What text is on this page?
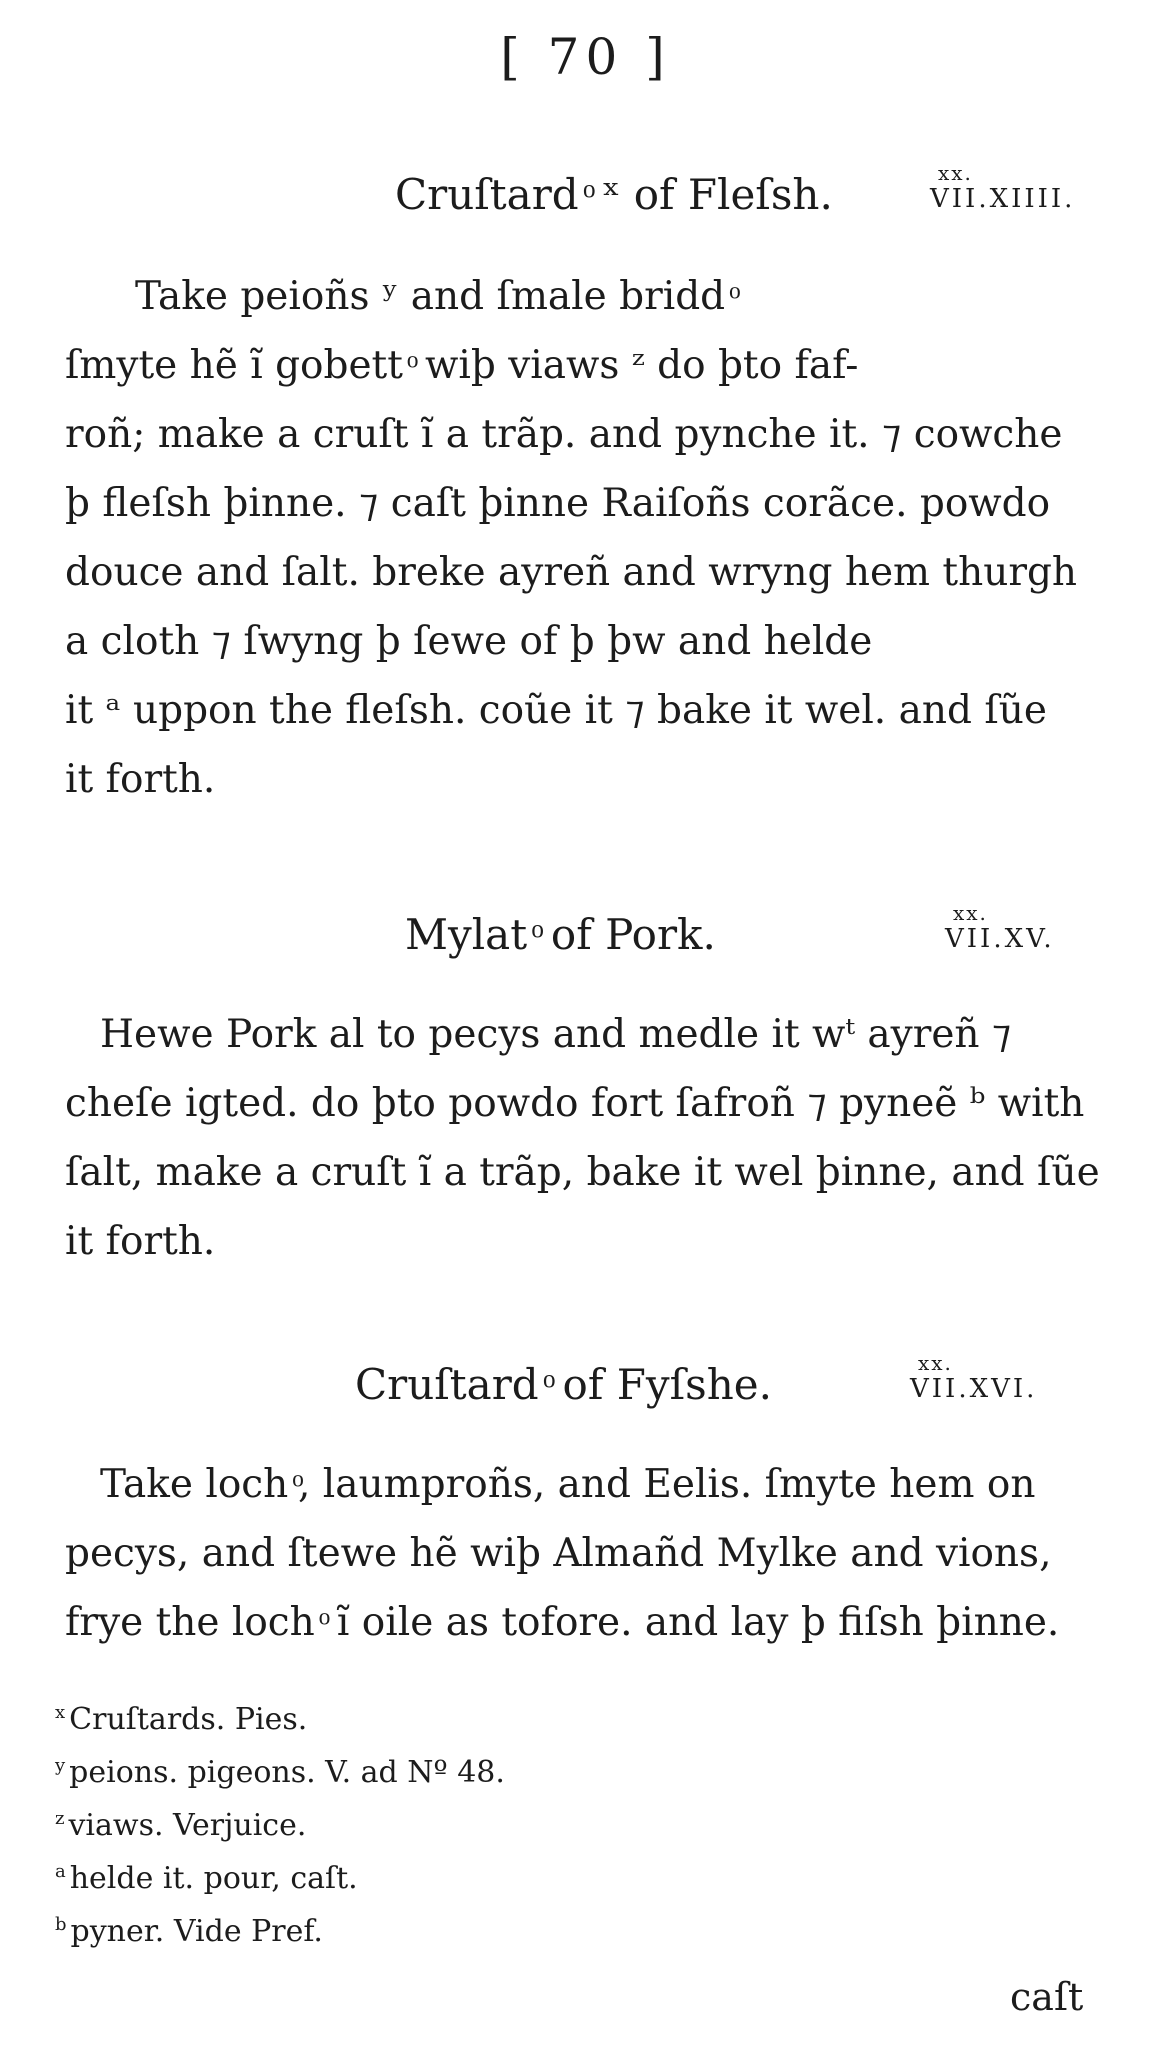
[ 70 ]
Cruſtard ͦ ˣ of Fleſsh.	xx.
VII.XIIII.
Take peioñs ʸ and ſmale bridd ͦ
ſmyte hẽ ĩ gobett ͦ wiþ viaws ᶻ do þto faf-
roñ; make a cruſt ĩ a trãp. and pynche it. ⁊ cowche
þ fleſsh þinne. ⁊ caſt þinne Raiſoñs corãce. powdo
douce and ſalt. breke ayreñ and wryng hem thurgh
a cloth ⁊ ſwyng þ ſewe of þ þw and helde
it ᵃ uppon the fleſsh. coũe it ⁊ bake it wel. and ſũe
it forth.
Mylat ͦ of Pork.	xx.
VII.XV.
Hewe Pork al to pecys and medle it wᵗ ayreñ ⁊
cheſe igted. do þto powdo fort ſafroñ ⁊ pyneẽ ᵇ with
ſalt, make a cruſt ĩ a trãp, bake it wel þinne, and ſũe
it forth.
Cruſtard ͦ of Fyſshe.	xx.
VII.XVI.
Take loch ͦ, laumproñs, and Eelis. ſmyte hem on
pecys, and ſtewe hẽ wiþ Almañd Mylke and vions,
frye the loch ͦ ĩ oile as tofore. and lay þ fiſsh þinne.
$^x$ Cruſtards. Pies.
$^y$ peions. pigeons. V. ad Nº 48.
$^z$ viaws. Verjuice.
$^a$ helde it. pour, caſt.
$^b$ pyner. Vide Pref.
caſt
